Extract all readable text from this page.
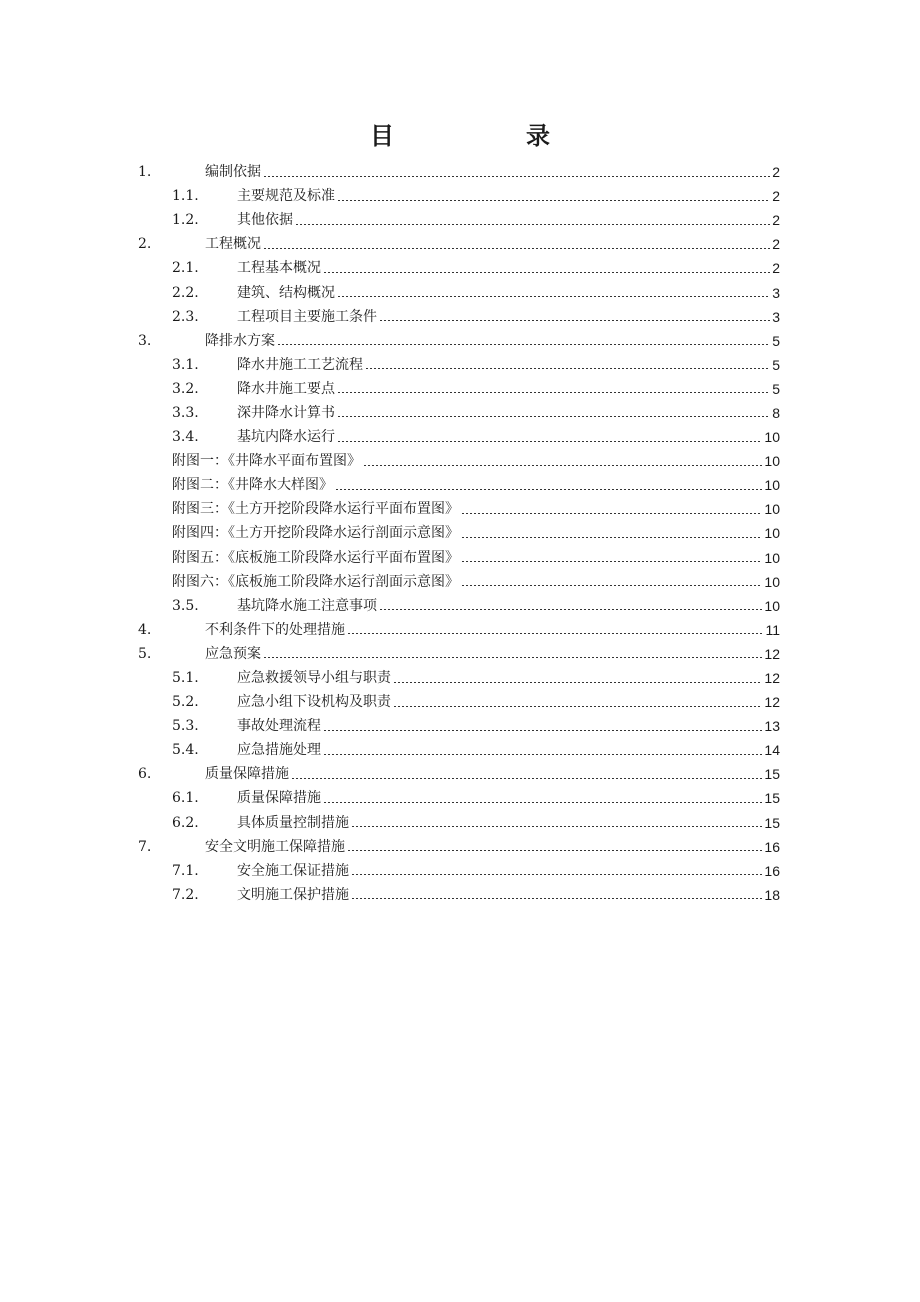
目　录
1.	编制依据	2
1.1.	主要规范及标准	2
1.2.	其他依据	2
2.	工程概况	2
2.1.	工程基本概况	2
2.2.	建筑、结构概况	3
2.3.	工程项目主要施工条件	3
3.	降排水方案	5
3.1.	降水井施工工艺流程	5
3.2.	降水井施工要点	5
3.3.	深井降水计算书	8
3.4.	基坑内降水运行	10
附图一：《井降水平面布置图》	10
附图二：《井降水大样图》	10
附图三：《土方开挖阶段降水运行平面布置图》	10
附图四：《土方开挖阶段降水运行剖面示意图》	10
附图五：《底板施工阶段降水运行平面布置图》	10
附图六：《底板施工阶段降水运行剖面示意图》	10
3.5.	基坑降水施工注意事项	10
4.	不利条件下的处理措施	11
5.	应急预案	12
5.1.	应急救援领导小组与职责	12
5.2.	应急小组下设机构及职责	12
5.3.	事故处理流程	13
5.4.	应急措施处理	14
6.	质量保障措施	15
6.1.	质量保障措施	15
6.2.	具体质量控制措施	15
7.	安全文明施工保障措施	16
7.1.	安全施工保证措施	16
7.2.	文明施工保护措施	18
